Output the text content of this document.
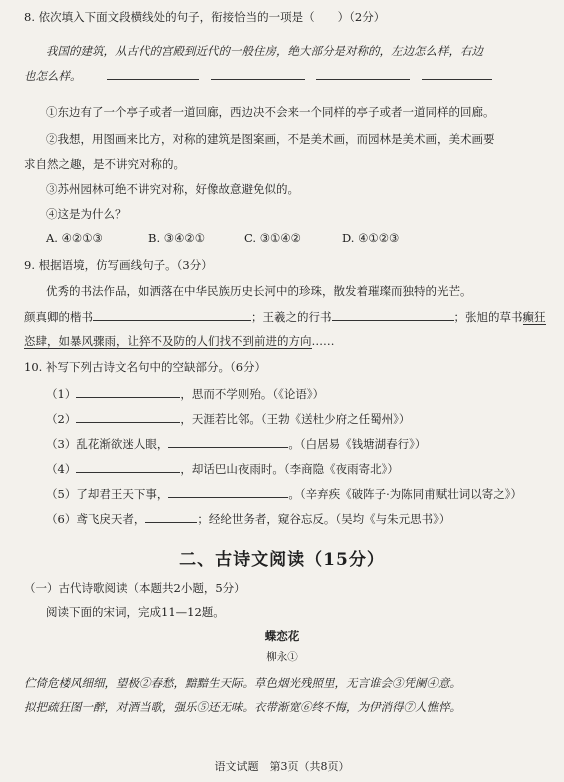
8. 依次填入下面文段横线处的句子，衔接恰当的一项是（　　）（2分）
我国的建筑，从古代的宫殿到近代的一般住房，绝大部分是对称的，左边怎么样，右边
也怎么样。
①东边有了一个亭子或者一道回廊，西边决不会来一个同样的亭子或者一道同样的回廊。
②我想，用图画来比方，对称的建筑是图案画，不是美术画，而园林是美术画，美术画要
求自然之趣，是不讲究对称的。
③苏州园林可绝不讲究对称，好像故意避免似的。
④这是为什么？
A. ④②①③	B. ③④②①	C. ③①④②	D. ④①②③
9. 根据语境，仿写画线句子。（3分）
优秀的书法作品，如洒落在中华民族历史长河中的珍珠，散发着璀璨而独特的光芒。
颜真卿的楷书	；王羲之的行书	；张旭的草书癫狂
恣肆，如暴风骤雨，让猝不及防的人们找不到前进的方向……
10. 补写下列古诗文名句中的空缺部分。（6分）
（1）	，思而不学则殆。（《论语》）
（2）	，天涯若比邻。（王勃《送杜少府之任蜀州》）
（3）乱花渐欲迷人眼，	。（白居易《钱塘湖春行》）
（4）	，却话巴山夜雨时。（李商隐《夜雨寄北》）
（5）了却君王天下事，	。（辛弃疾《破阵子·为陈同甫赋壮词以寄之》）
（6）鸢飞戾天者，	；经纶世务者，窥谷忘反。（吴均《与朱元思书》）
二、古诗文阅读（15分）
（一）古代诗歌阅读（本题共2小题，5分）
阅读下面的宋词，完成11—12题。
蝶恋花
柳永①
伫倚危楼风细细，望极②春愁，黯黯生天际。草色烟光残照里，无言谁会③凭阑④意。
拟把疏狂图一醉，对酒当歌，强乐⑤还无味。衣带渐宽⑥终不悔，为伊消得⑦人憔悴。
语文试题　第3页（共8页）
